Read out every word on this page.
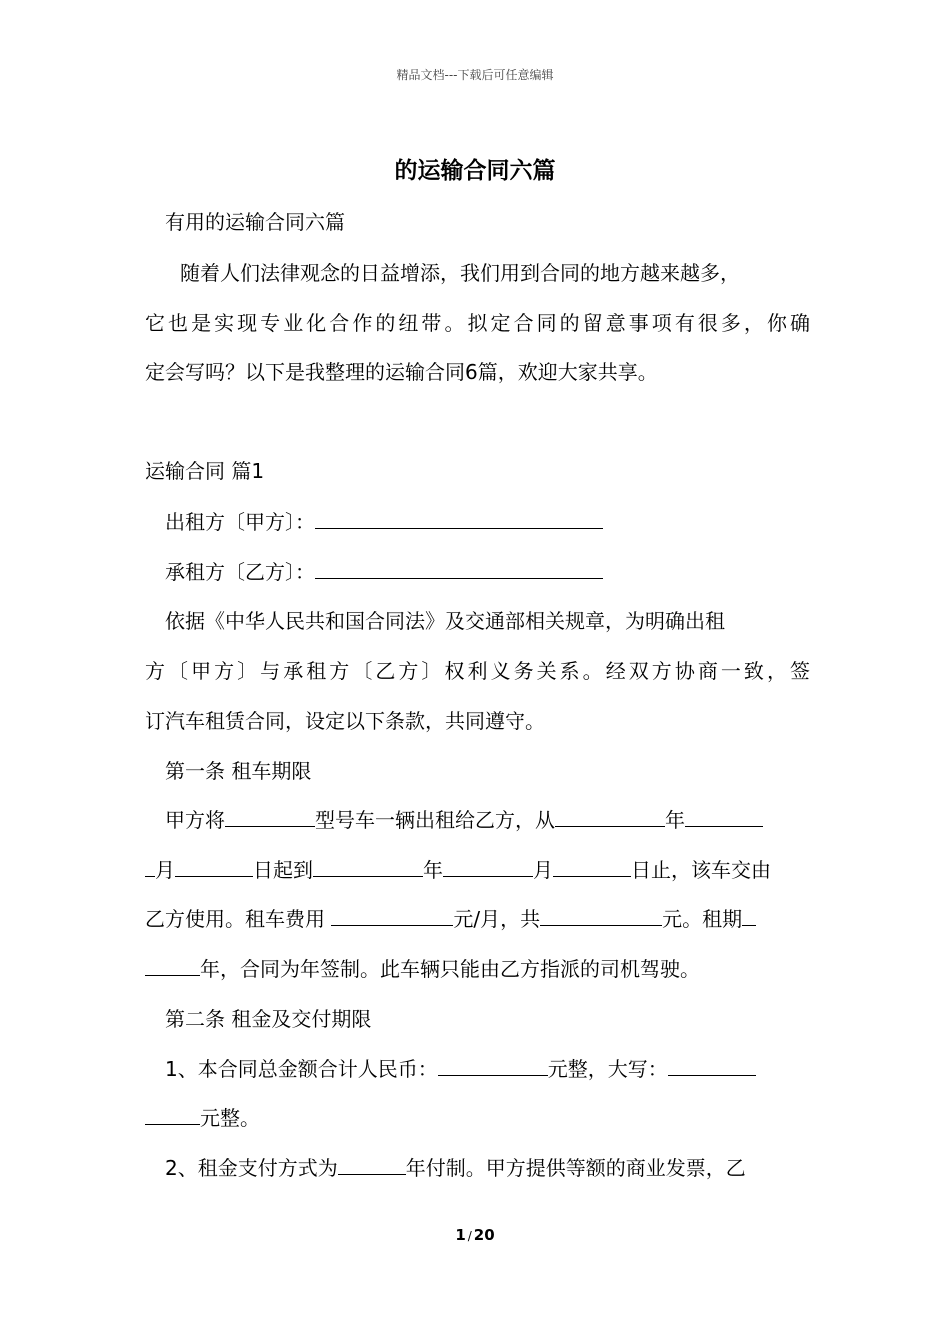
精品文档---下载后可任意编辑
的运输合同六篇
有用的运输合同六篇
随着人们法律观念的日益增添，我们用到合同的地方越来越多，
它也是实现专业化合作的纽带。拟定合同的留意事项有很多，你确
定会写吗？以下是我整理的运输合同6篇，欢迎大家共享。
运输合同 篇1
出租方〔甲方〕：
承租方〔乙方〕：
依据《中华人民共和国合同法》及交通部相关规章，为明确出租
方〔甲方〕与承租方〔乙方〕权利义务关系。经双方协商一致，签
订汽车租赁合同，设定以下条款，共同遵守。
第一条 租车期限
甲方将	型号车一辆出租给乙方，从	年
月	日起到	年	月	日止，该车交由
乙方使用。租车费用	元/月，共	元。租期
年，合同为年签制。此车辆只能由乙方指派的司机驾驶。
第二条 租金及交付期限
1、本合同总金额合计人民币：	元整，大写：
元整。
2、租金支付方式为	年付制。甲方提供等额的商业发票，乙
1 / 20
